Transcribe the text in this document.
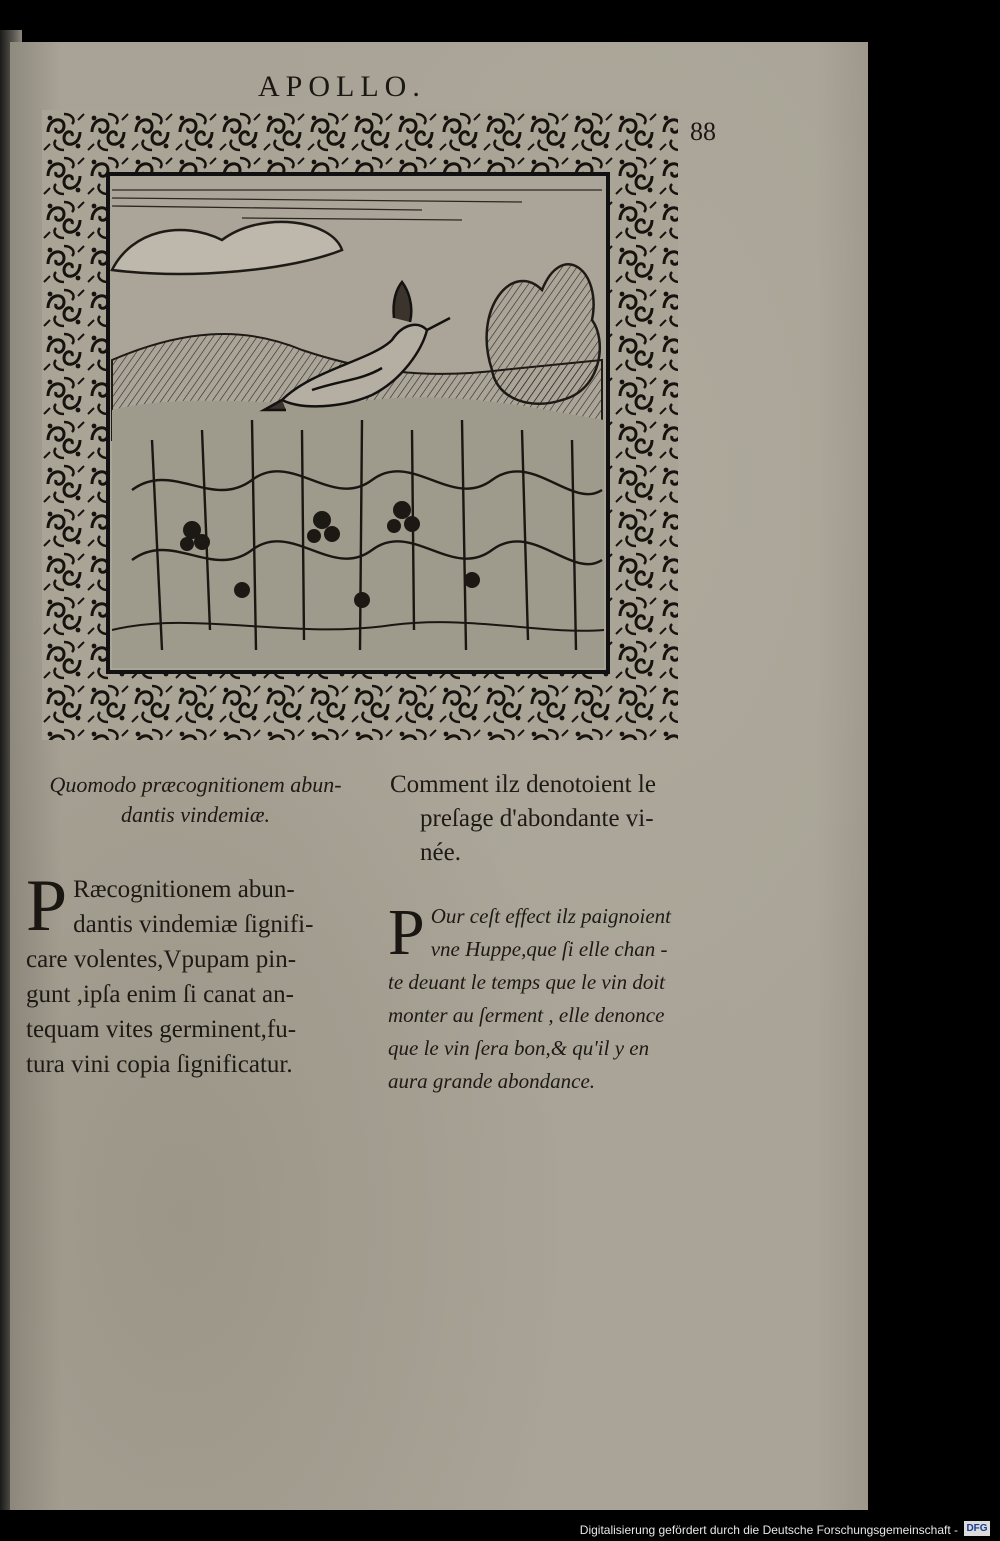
APOLLO.
88
Quomodo præcognitionem abun-
dantis vindemiæ.
P Ræcognitionem abun-
dantis vindemiæ ſignifi-
care volentes,Vpupam pin-
gunt ,ipſa enim ſi canat an-
tequam vites germinent,fu-
tura vini copia ſignificatur.
Comment ilz denotoient le
preſage d'abondante vi-
née.
P Our ceſt effect ilz paignoient
vne Huppe,que ſi elle chan -
te deuant le temps que le vin doit
monter au ſerment , elle denonce
que le vin ſera bon,& qu'il y en
aura grande abondance.
Digitalisierung gefördert durch die Deutsche Forschungsgemeinschaft - DFG
